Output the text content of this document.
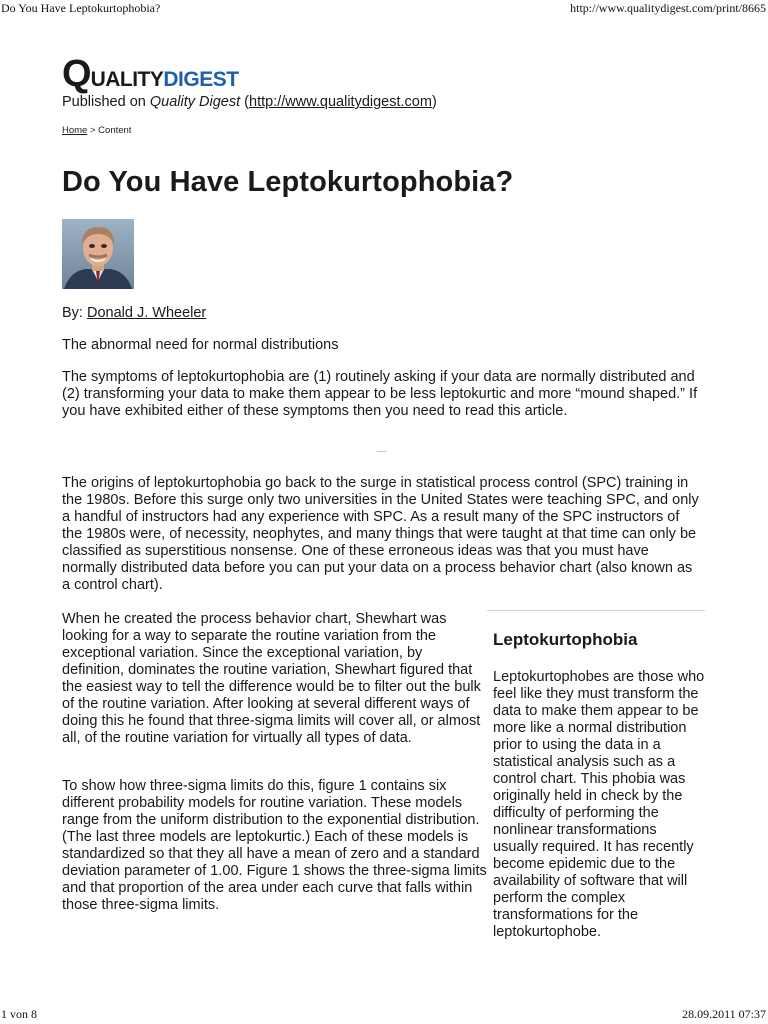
Do You Have Leptokurtophobia?	http://www.qualitydigest.com/print/8665
QUALITYDIGEST
Published on Quality Digest (http://www.qualitydigest.com)
Home > Content
Do You Have Leptokurtophobia?
By: Donald J. Wheeler

The abnormal need for normal distributions

The symptoms of leptokurtophobia are (1) routinely asking if your data are normally distributed and (2) transforming your data to make them appear to be less leptokurtic and more “mound shaped.” If you have exhibited either of these symptoms then you need to read this article.

The origins of leptokurtophobia go back to the surge in statistical process control (SPC) training in the 1980s. Before this surge only two universities in the United States were teaching SPC, and only a handful of instructors had any experience with SPC. As a result many of the SPC instructors of the 1980s were, of necessity, neophytes, and many things that were taught at that time can only be classified as superstitious nonsense. One of these erroneous ideas was that you must have normally distributed data before you can put your data on a process behavior chart (also known as a control chart).

When he created the process behavior chart, Shewhart was looking for a way to separate the routine variation from the exceptional variation. Since the exceptional variation, by definition, dominates the routine variation, Shewhart figured that the easiest way to tell the difference would be to filter out the bulk of the routine variation. After looking at several different ways of doing this he found that three-sigma limits will cover all, or almost all, of the routine variation for virtually all types of data.

To show how three-sigma limits do this, figure 1 contains six different probability models for routine variation. These models range from the uniform distribution to the exponential distribution. (The last three models are leptokurtic.) Each of these models is standardized so that they all have a mean of zero and a standard deviation parameter of 1.00. Figure 1 shows the three-sigma limits and that proportion of the area under each curve that falls within those three-sigma limits.

Leptokurtophobia

Leptokurtophobes are those who feel like they must transform the data to make them appear to be more like a normal distribution prior to using the data in a statistical analysis such as a control chart. This phobia was originally held in check by the difficulty of performing the nonlinear transformations usually required. It has recently become epidemic due to the availability of software that will perform the complex transformations for the leptokurtophobe.

1 von 8	28.09.2011 07:37
